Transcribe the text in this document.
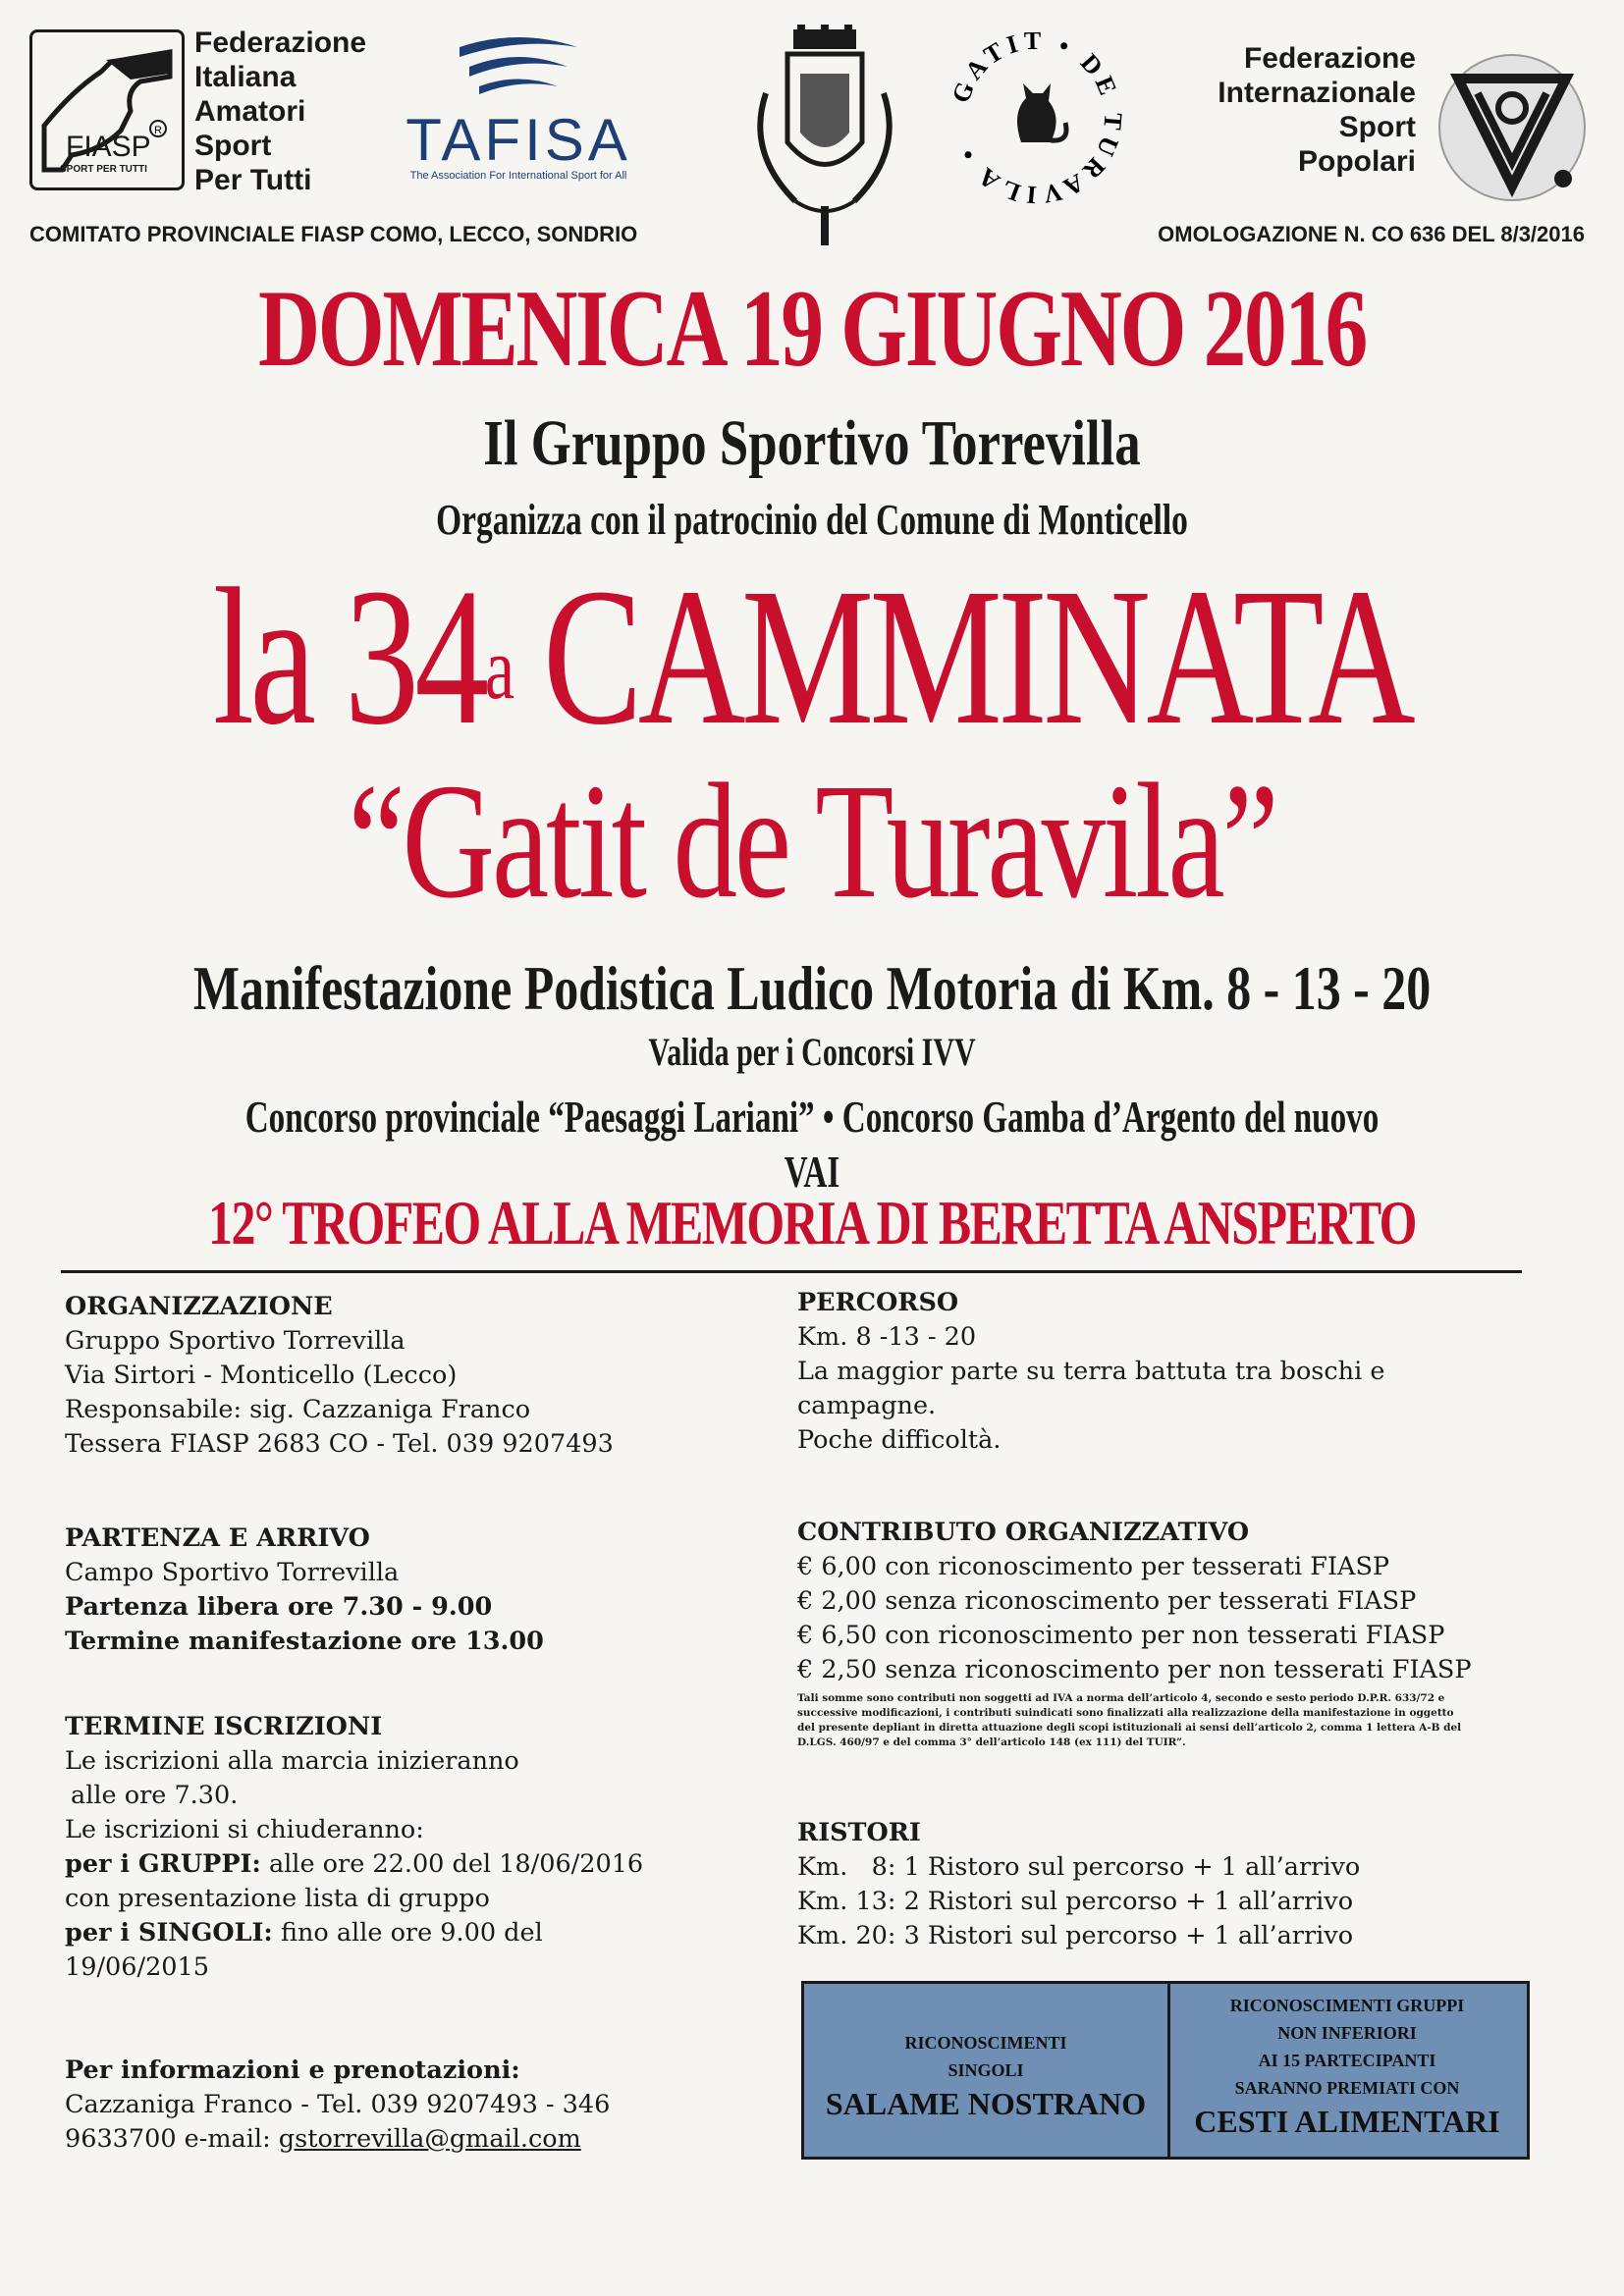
R
FIASP
SPORT PER TUTTI
Federazione
Italiana
Amatori
Sport
Per Tutti
TAFISA
The Association For International Sport for All
GATIT • DE TURAVILA •
Federazione
Internazionale
Sport
Popolari
COMITATO PROVINCIALE FIASP COMO, LECCO, SONDRIO	OMOLOGAZIONE N. CO 636 DEL 8/3/2016
DOMENICA 19 GIUGNO 2016
Il Gruppo Sportivo Torrevilla
Organizza con il patrocinio del Comune di Monticello
la 34$^a$ CAMMINATA
“Gatit de Turavila”
Manifestazione Podistica Ludico Motoria di Km. 8 - 13 - 20
Valida per i Concorsi IVV
Concorso provinciale “Paesaggi Lariani” • Concorso Gamba d’Argento del nuovo VAI
12° TROFEO ALLA MEMORIA DI BERETTA ANSPERTO

ORGANIZZAZIONE

Gruppo Sportivo Torrevilla

Via Sirtori - Monticello (Lecco)

Responsabile: sig. Cazzaniga Franco

Tessera FIASP 2683 CO - Tel. 039 9207493

PARTENZA E ARRIVO

Campo Sportivo Torrevilla

Partenza libera ore 7.30 - 9.00

Termine manifestazione ore 13.00

TERMINE ISCRIZIONI

Le iscrizioni alla marcia inizieranno

alle ore 7.30.

Le iscrizioni si chiuderanno:

per i GRUPPI: alle ore 22.00 del 18/06/2016

con presentazione lista di gruppo

per i SINGOLI: fino alle ore 9.00 del

19/06/2015

Per informazioni e prenotazioni:

Cazzaniga Franco - Tel. 039 9207493 - 346

9633700 e-mail: gstorrevilla@gmail.com

PERCORSO

Km. 8 -13 - 20

La maggior parte su terra battuta tra boschi e

campagne.

Poche difficoltà.

CONTRIBUTO ORGANIZZATIVO

€ 6,00 con riconoscimento per tesserati FIASP

€ 2,00 senza riconoscimento per tesserati FIASP

€ 6,50 con riconoscimento per non tesserati FIASP

€ 2,50 senza riconoscimento per non tesserati FIASP

Tali somme sono contributi non soggetti ad IVA a norma dell’articolo 4, secondo e sesto periodo D.P.R. 633/72 e
successive modificazioni, i contributi suindicati sono finalizzati alla realizzazione della manifestazione in oggetto
del presente depliant in diretta attuazione degli scopi istituzionali ai sensi dell’articolo 2, comma 1 lettera A-B del
D.LGS. 460/97 e del comma 3° dell’articolo 148 (ex 111) del TUIR”.

RISTORI

Km.   8: 1 Ristoro sul percorso + 1 all’arrivo

Km. 13: 2 Ristori sul percorso + 1 all’arrivo

Km. 20: 3 Ristori sul percorso + 1 all’arrivo

RICONOSCIMENTI
SINGOLI
SALAME NOSTRANO
RICONOSCIMENTI GRUPPI
NON INFERIORI
AI 15 PARTECIPANTI
SARANNO PREMIATI CON
CESTI ALIMENTARI
